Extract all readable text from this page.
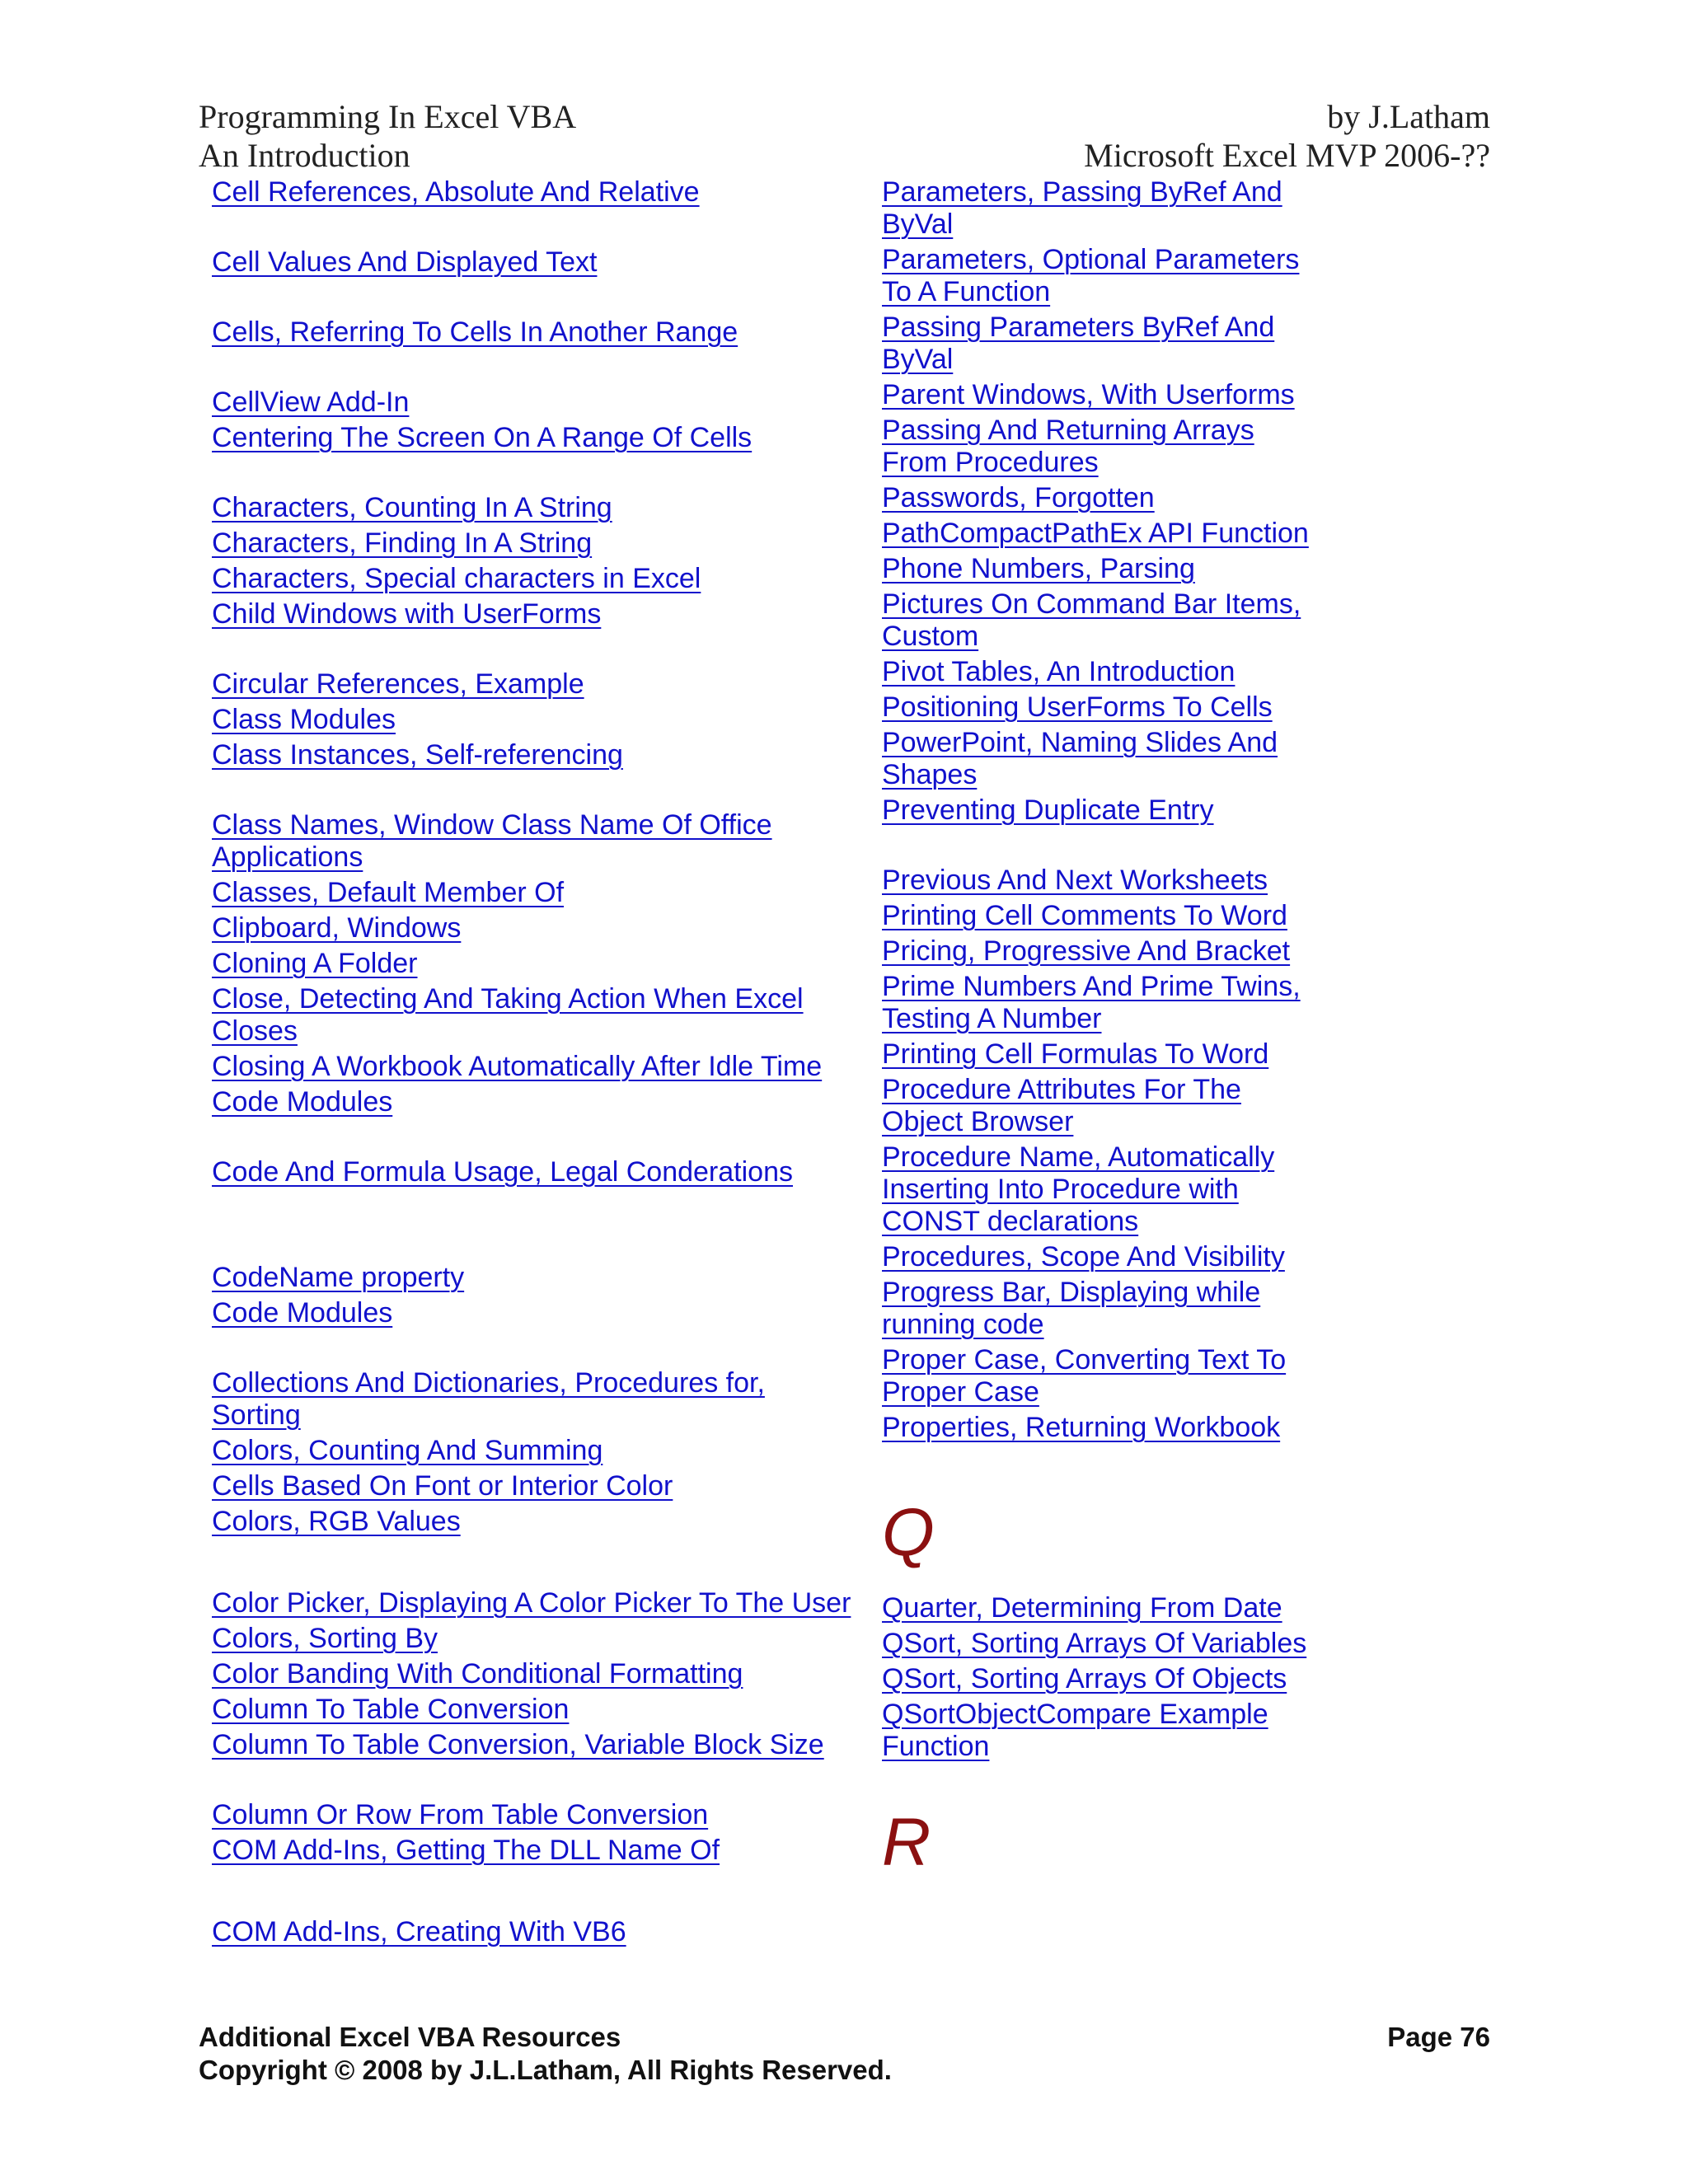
Programming In Excel VBA	by J.Latham
An Introduction	Microsoft Excel MVP 2006-??
Cell References, Absolute And Relative
Cell Values And Displayed Text
Cells, Referring To Cells In Another Range
CellView Add-In
Centering The Screen On A Range Of Cells
Characters, Counting In A String
Characters, Finding In A String
Characters, Special characters in Excel
Child Windows with UserForms
Circular References, Example
Class Modules
Class Instances, Self-referencing
Class Names, Window Class Name Of Office Applications
Classes, Default Member Of
Clipboard, Windows
Cloning A Folder
Close, Detecting And Taking Action When Excel Closes
Closing A Workbook Automatically After Idle Time
Code Modules
Code And Formula Usage, Legal Conderations
CodeName property
Code Modules
Collections And Dictionaries, Procedures for, Sorting
Colors, Counting And Summing
Cells Based On Font or Interior Color
Colors, RGB Values
Color Picker, Displaying A Color Picker To The User
Colors, Sorting By
Color Banding With Conditional Formatting
Column To Table Conversion
Column To Table Conversion, Variable Block Size
Column Or Row From Table Conversion
COM Add-Ins, Getting The DLL Name Of
COM Add-Ins, Creating With VB6
Parameters, Passing ByRef And ByVal
Parameters, Optional Parameters To A Function
Passing Parameters ByRef And ByVal
Parent Windows, With Userforms
Passing And Returning Arrays From Procedures
Passwords, Forgotten
PathCompactPathEx API Function
Phone Numbers, Parsing
Pictures On Command Bar Items, Custom
Pivot Tables, An Introduction
Positioning UserForms To Cells
PowerPoint, Naming Slides And Shapes
Preventing Duplicate Entry
Previous And Next Worksheets
Printing Cell Comments To Word
Pricing, Progressive And Bracket
Prime Numbers And Prime Twins, Testing A Number
Printing Cell Formulas To Word
Procedure Attributes For The Object Browser
Procedure Name, Automatically Inserting Into Procedure with CONST declarations
Procedures, Scope And Visibility
Progress Bar, Displaying while running code
Proper Case, Converting Text To Proper Case
Properties, Returning Workbook
Q
Quarter, Determining From Date
QSort, Sorting Arrays Of Variables
QSort, Sorting Arrays Of Objects
QSortObjectCompare Example Function
R
Additional Excel VBA Resources	Page 76
Copyright © 2008 by J.L.Latham, All Rights Reserved.
